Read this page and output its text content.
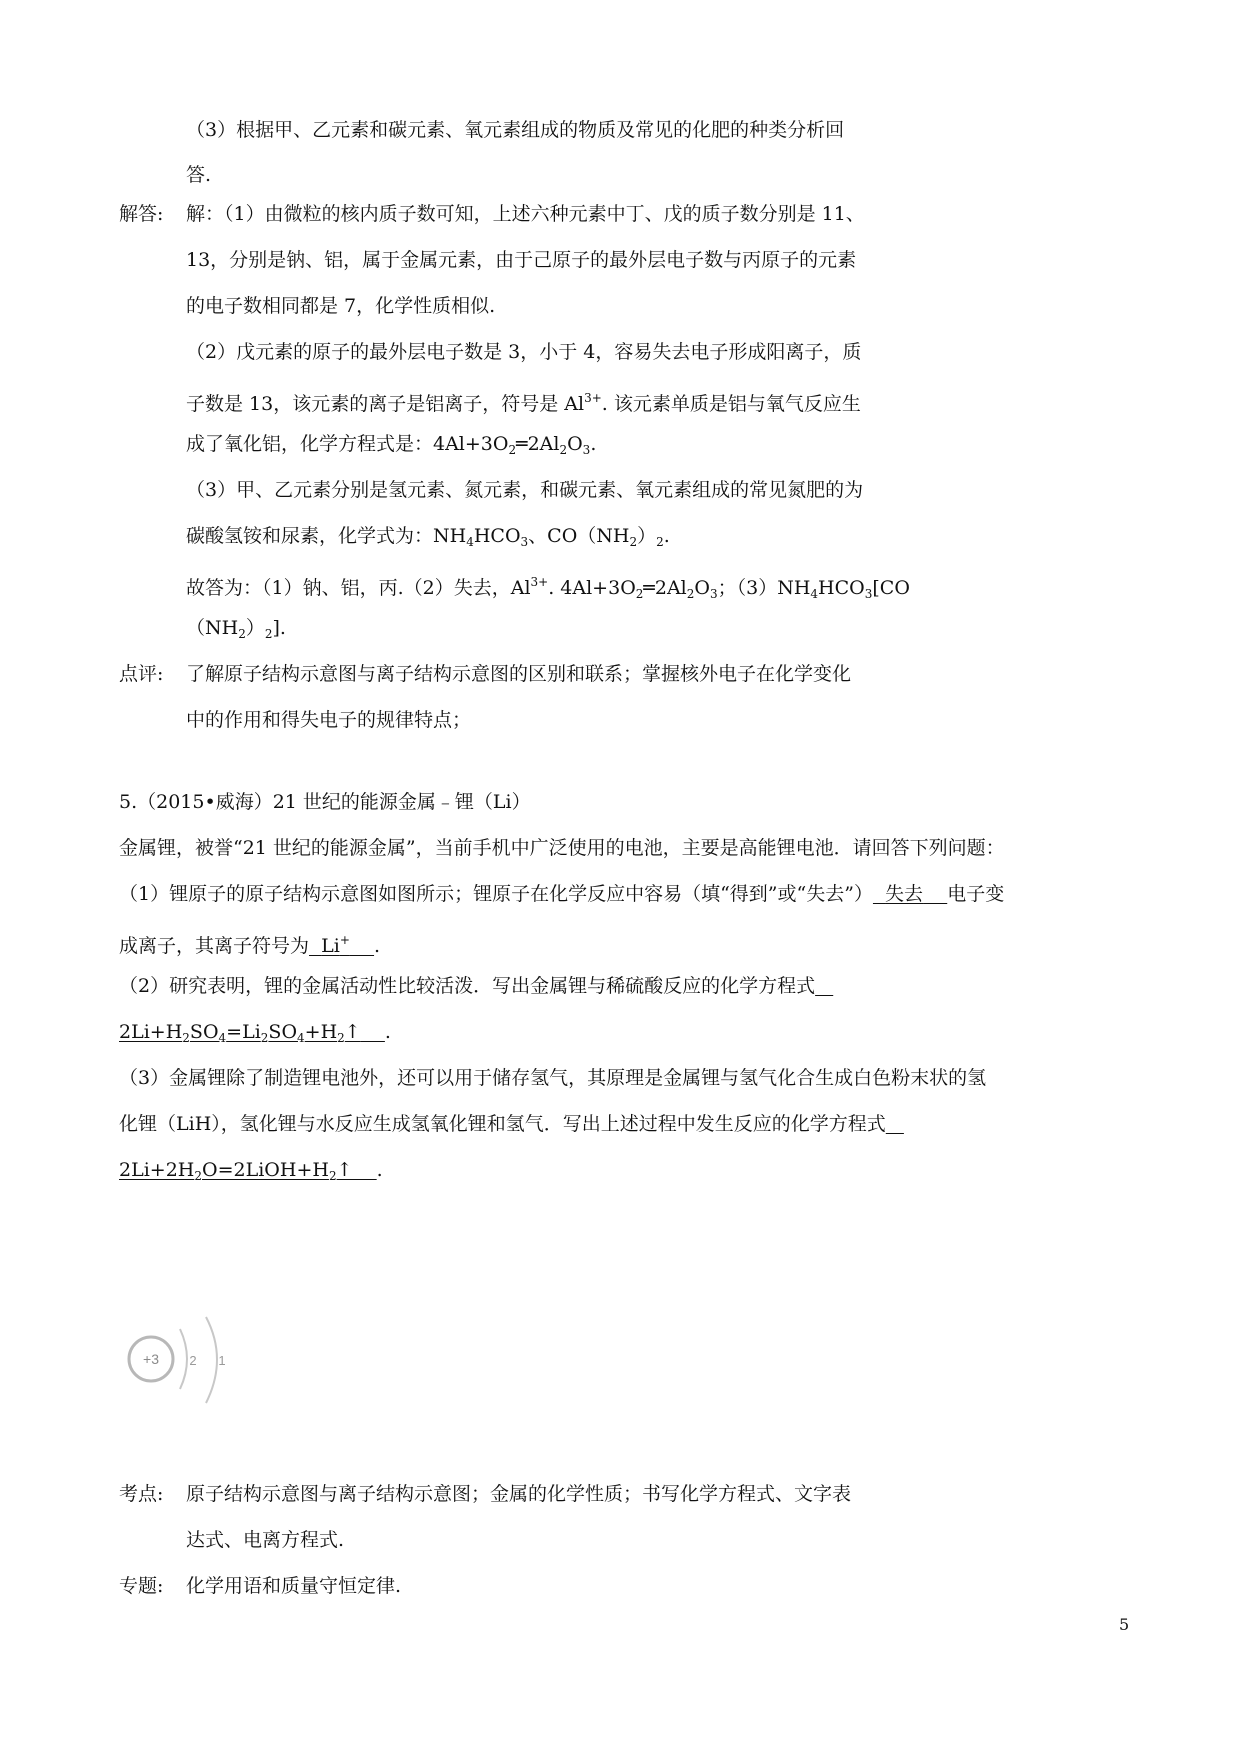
（3）根据甲、乙元素和碳元素、氧元素组成的物质及常见的化肥的种类分析回
答.
解答: 解：（1）由微粒的核内质子数可知，上述六种元素中丁、戊的质子数分别是 11、
13，分别是钠、铝，属于金属元素，由于己原子的最外层电子数与丙原子的元素
的电子数相同都是 7，化学性质相似.
（2）戊元素的原子的最外层电子数是 3，小于 4，容易失去电子形成阳离子，质
子数是 13，该元素的离子是铝离子，符号是 $Al^{3+}$. 该元素单质是铝与氧气反应生
成了氧化铝，化学方程式是：$4Al+3O_2═2Al_2O_3$.
（3）甲、乙元素分别是氢元素、氮元素，和碳元素、氧元素组成的常见氮肥的为
碳酸氢铵和尿素，化学式为：$NH_4HCO_3$、$CO(NH_2)_2$.
故答为：（1）钠、铝，丙.（2）失去，$Al^{3+}$. $4Al+3O_2═2Al_2O_3$；$(3)NH_4HCO_3[CO$
$(NH_2)_2$].
点评: 了解原子结构示意图与离子结构示意图的区别和联系；掌握核外电子在化学变化
中的作用和得失电子的规律特点；
5.（2015•威海）21 世纪的能源金属﹣锂（Li）
金属锂，被誉“21 世纪的能源金属”，当前手机中广泛使用的电池，主要是高能锂电池．请回答下列问题：
（1）锂原子的原子结构示意图如图所示；锂原子在化学反应中容易（填“得到”或“失去”） 失去 电子变
成离子，其离子符号为 Li+ .
（2）研究表明，锂的金属活动性比较活泼．写出金属锂与稀硫酸反应的化学方程式
$2Li+H_2SO_4=Li_2SO_4+H_2↑$ .
（3）金属锂除了制造锂电池外，还可以用于储存氢气，其原理是金属锂与氢气化合生成白色粉末状的氢
化锂（LiH），氢化锂与水反应生成氢氧化锂和氢气．写出上述过程中发生反应的化学方程式
$2Li+2H_2O=2LiOH+H_2↑$ .
+3 2 1
考点: 原子结构示意图与离子结构示意图；金属的化学性质；书写化学方程式、文字表
达式、电离方程式.
专题: 化学用语和质量守恒定律.
5
